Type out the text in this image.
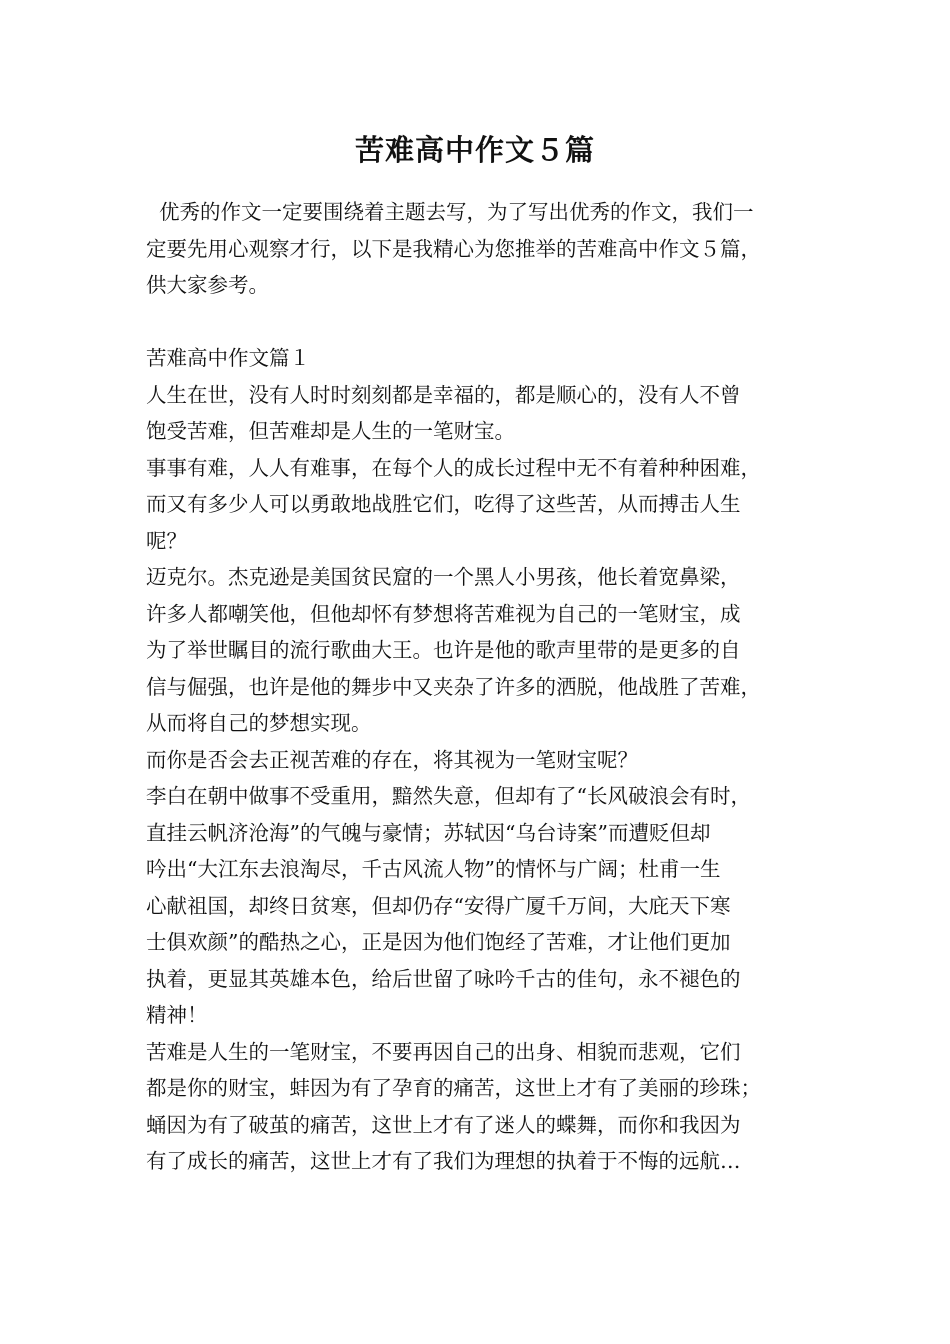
苦难高中作文５篇
优秀的作文一定要围绕着主题去写，为了写出优秀的作文，我们一
定要先用心观察才行，以下是我精心为您推举的苦难高中作文５篇，
供大家参考。
苦难高中作文篇１
人生在世，没有人时时刻刻都是幸福的，都是顺心的，没有人不曾
饱受苦难，但苦难却是人生的一笔财宝。
事事有难，人人有难事，在每个人的成长过程中无不有着种种困难，
而又有多少人可以勇敢地战胜它们，吃得了这些苦，从而搏击人生
呢？
迈克尔。杰克逊是美国贫民窟的一个黑人小男孩，他长着宽鼻梁，
许多人都嘲笑他，但他却怀有梦想将苦难视为自己的一笔财宝，成
为了举世瞩目的流行歌曲大王。也许是他的歌声里带的是更多的自
信与倔强，也许是他的舞步中又夹杂了许多的洒脱，他战胜了苦难，
从而将自己的梦想实现。
而你是否会去正视苦难的存在，将其视为一笔财宝呢？
李白在朝中做事不受重用，黯然失意，但却有了“长风破浪会有时，
直挂云帆济沧海”的气魄与豪情；苏轼因“乌台诗案”而遭贬但却
吟出“大江东去浪淘尽，千古风流人物”的情怀与广阔；杜甫一生
心献祖国，却终日贫寒，但却仍存“安得广厦千万间，大庇天下寒
士俱欢颜”的酷热之心，正是因为他们饱经了苦难，才让他们更加
执着，更显其英雄本色，给后世留了咏吟千古的佳句，永不褪色的
精神！
苦难是人生的一笔财宝，不要再因自己的出身、相貌而悲观，它们
都是你的财宝，蚌因为有了孕育的痛苦，这世上才有了美丽的珍珠；
蛹因为有了破茧的痛苦，这世上才有了迷人的蝶舞，而你和我因为
有了成长的痛苦，这世上才有了我们为理想的执着于不悔的远航…
